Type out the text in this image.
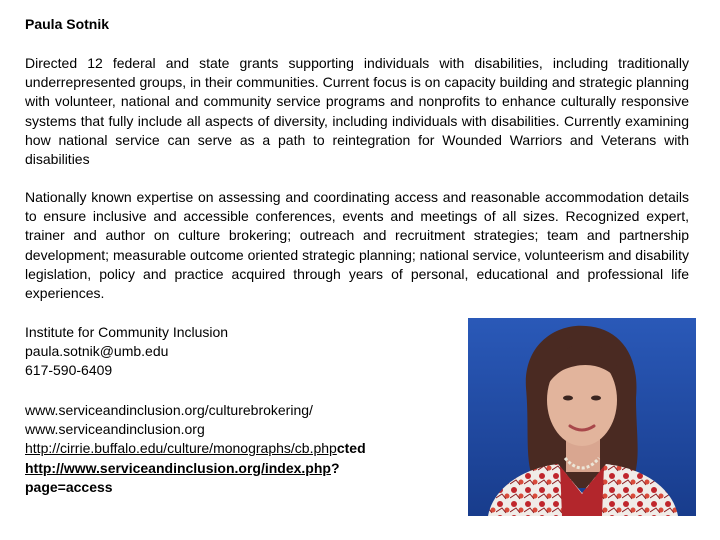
Paula Sotnik

Directed 12 federal and state grants supporting individuals with disabilities, including traditionally underrepresented groups, in their communities. Current focus is on capacity building and strategic planning with volunteer, national and community service programs and nonprofits to enhance culturally responsive systems that fully include all aspects of diversity, including individuals with disabilities. Currently examining how national service can serve as a path to reintegration for Wounded Warriors and Veterans with disabilities

Nationally known expertise on assessing and coordinating access and reasonable accommodation details to ensure inclusive and accessible conferences, events and meetings of all sizes. Recognized expert, trainer and author on culture brokering; outreach and recruitment strategies; team and partnership development; measurable outcome oriented strategic planning; national service, volunteerism and disability legislation, policy and practice acquired through years of personal, educational and professional life experiences.

Institute for Community Inclusion
paula.sotnik@umb.edu
617-590-6409
www.serviceandinclusion.org/culturebrokering/
www.serviceandinclusion.org
http://cirrie.buffalo.edu/culture/monographs/cb.phpcted
http://www.serviceandinclusion.org/index.php?
page=access
